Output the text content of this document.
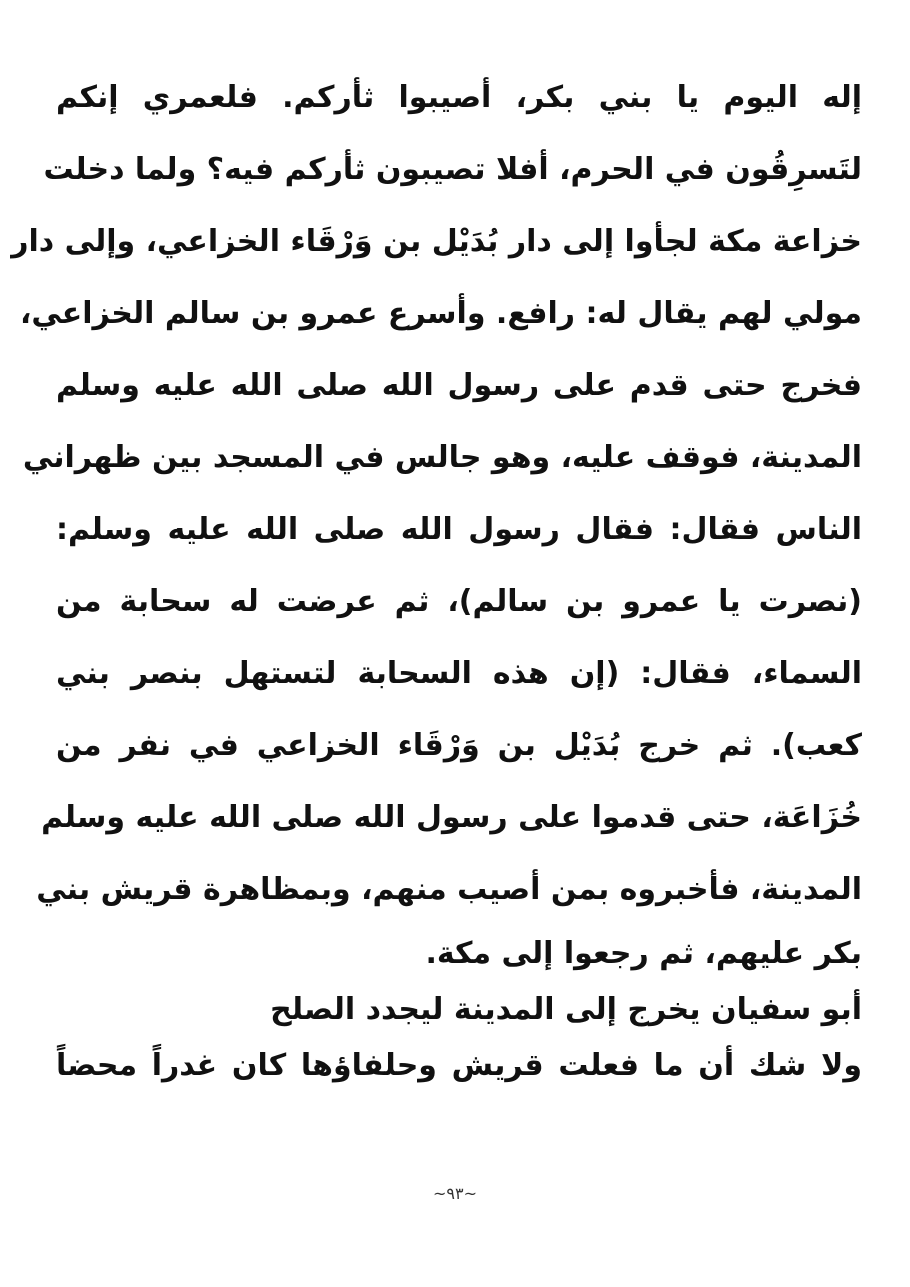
إله اليوم يا بني بكر، أصيبوا ثأركم. فلعمري إنكم
لتَسرِقُون في الحرم، أفلا تصيبون ثأركم فيه؟ ولما دخلت
خزاعة مكة لجأوا إلى دار بُدَيْل بن وَرْقَاء الخزاعي، وإلى دار
مولي لهم يقال له: رافع. وأسرع عمرو بن سالم الخزاعي،
فخرج حتى قدم على رسول الله صلى الله عليه وسلم
المدينة، فوقف عليه، وهو جالس في المسجد بين ظهراني
الناس فقال: فقال رسول الله صلى الله عليه وسلم:
(نصرت يا عمرو بن سالم)، ثم عرضت له سحابة من
السماء، فقال: (إن هذه السحابة لتستهل بنصر بني
كعب). ثم خرج بُدَيْل بن وَرْقَاء الخزاعي في نفر من
خُزَاعَة، حتى قدموا على رسول الله صلى الله عليه وسلم
المدينة، فأخبروه بمن أصيب منهم، وبمظاهرة قريش بني
بكر عليهم، ثم رجعوا إلى مكة.
أبو سفيان يخرج إلى المدينة ليجدد الصلح
ولا شك أن ما فعلت قريش وحلفاؤها كان غدراً محضاً
~٩٣~
